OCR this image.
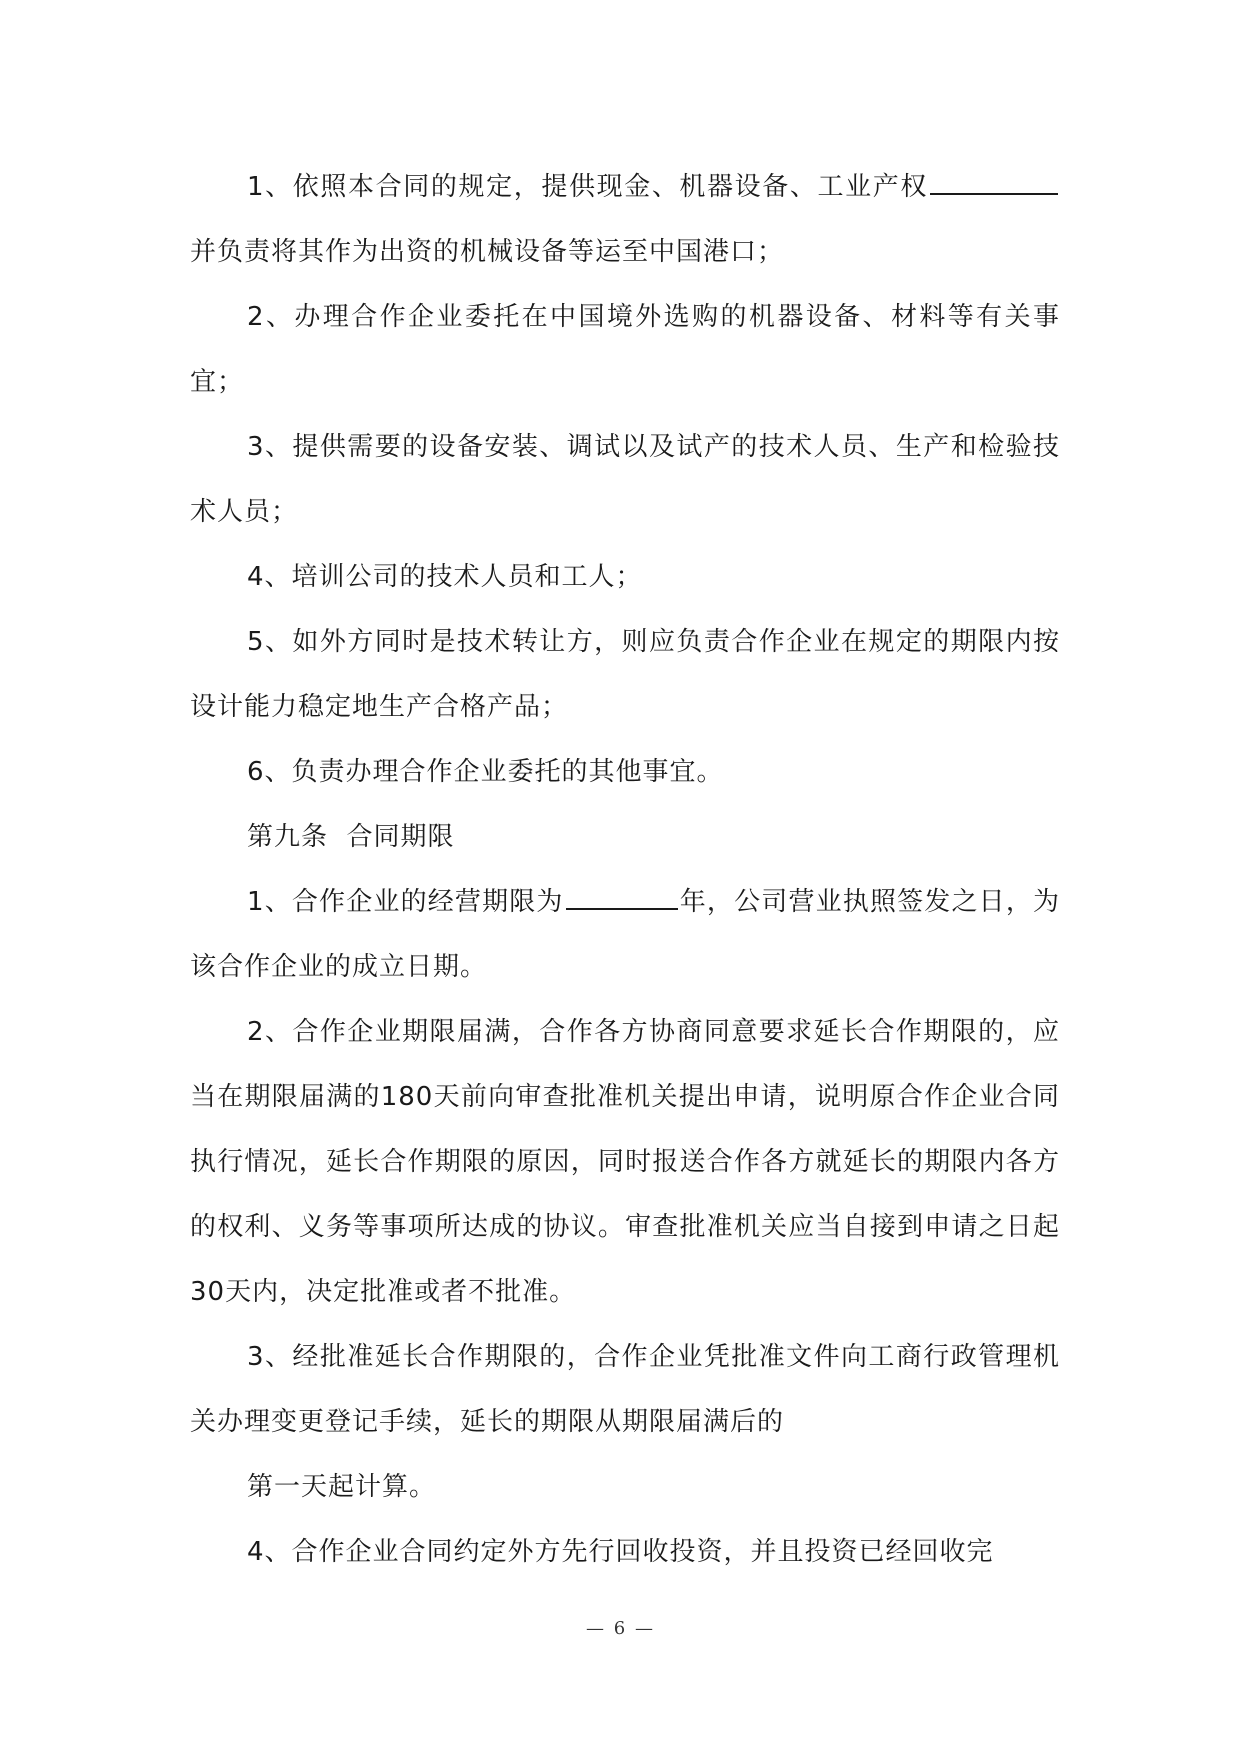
1、依照本合同的规定，提供现金、机器设备、工业产权并负责将其作为出资的机械设备等运至中国港口；

2、办理合作企业委托在中国境外选购的机器设备、材料等有关事宜；

3、提供需要的设备安装、调试以及试产的技术人员、生产和检验技术人员；

4、培训公司的技术人员和工人；

5、如外方同时是技术转让方，则应负责合作企业在规定的期限内按设计能力稳定地生产合格产品；

6、负责办理合作企业委托的其他事宜。

第九条  合同期限

1、合作企业的经营期限为	年，公司营业执照签发之日，为该合作企业的成立日期。

2、合作企业期限届满，合作各方协商同意要求延长合作期限的，应当在期限届满的180天前向审查批准机关提出申请，说明原合作企业合同执行情况，延长合作期限的原因，同时报送合作各方就延长的期限内各方的权利、义务等事项所达成的协议。审查批准机关应当自接到申请之日起30天内，决定批准或者不批准。

3、经批准延长合作期限的，合作企业凭批准文件向工商行政管理机关办理变更登记手续，延长的期限从期限届满后的

第一天起计算。

4、合作企业合同约定外方先行回收投资，并且投资已经回收完

— 6 —
